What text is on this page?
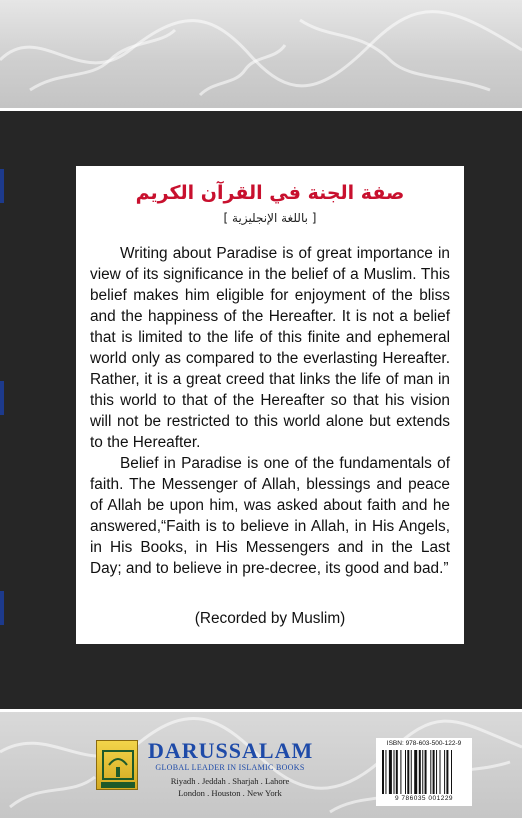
صفة الجنة في القرآن الكريم
[ باللغة الإنجليزية ]

Writing about Paradise is of great importance in view of its significance in the belief of a Muslim. This belief makes him eligible for enjoyment of the bliss and the happiness of the Hereafter. It is not a belief that is limited to the life of this finite and ephemeral world only as compared to the everlasting Hereafter. Rather, it is a great creed that links the life of man in this world to that of the Hereafter so that his vision will not be restricted to this world alone but extends to the Hereafter.

Belief in Paradise is one of the fundamentals of faith. The Messenger of Allah, blessings and peace of Allah be upon him, was asked about faith and he answered,“Faith is to believe in Allah, in His Angels, in His Books, in His Messengers and in the Last Day; and to believe in pre-decree, its good and bad.”

(Recorded by Muslim)
DARUSSALAM
GLOBAL LEADER IN ISLAMIC BOOKS
Riyadh . Jeddah . Sharjah . Lahore
London . Houston . New York
ISBN: 978-603-500-122-9
9 786035 001229
